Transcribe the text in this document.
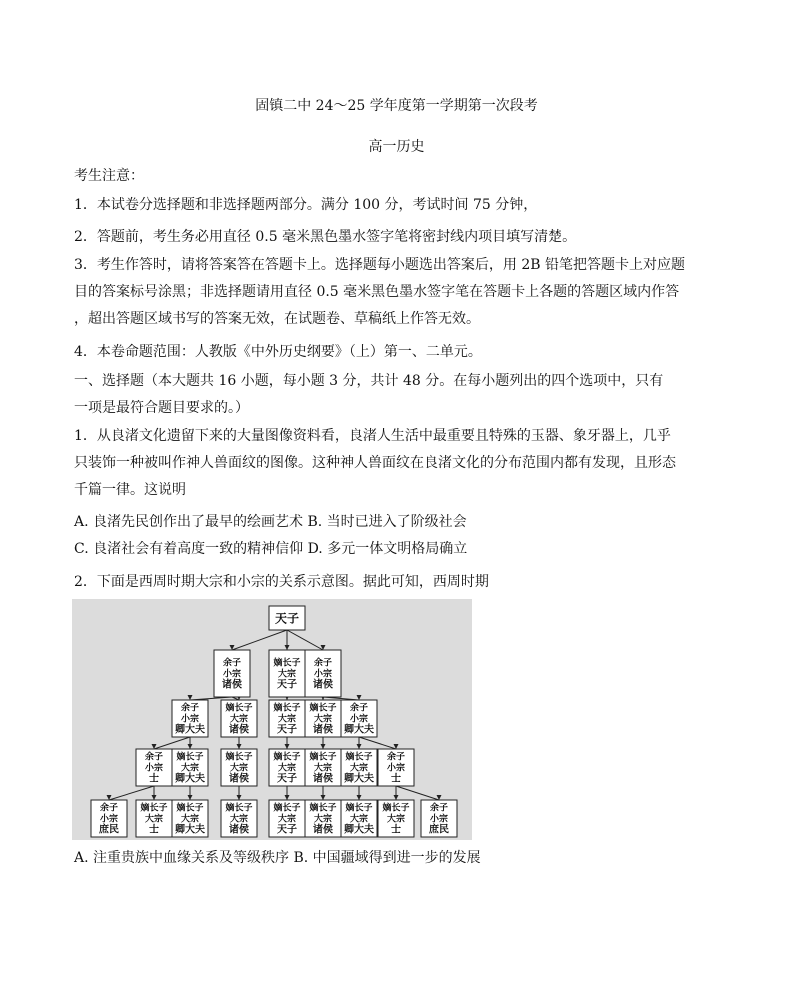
固镇二中 24～25 学年度第一学期第一次段考
高一历史
考生注意：
1．本试卷分选择题和非选择题两部分。满分 100 分，考试时间 75 分钟，
2．答题前，考生务必用直径 0.5 毫米黑色墨水签字笔将密封线内项目填写清楚。
3．考生作答时，请将答案答在答题卡上。选择题每小题选出答案后，用 2B 铅笔把答题卡上对应题
目的答案标号涂黑；非选择题请用直径 0.5 毫米黑色墨水签字笔在答题卡上各题的答题区域内作答
，超出答题区域书写的答案无效，在试题卷、草稿纸上作答无效。
4．本卷命题范围：人教版《中外历史纲要》（上）第一、二单元。
一、选择题（本大题共 16 小题，每小题 3 分，共计 48 分。在每小题列出的四个选项中，只有
一项是最符合题目要求的。）
1．从良渚文化遗留下来的大量图像资料看，良渚人生活中最重要且特殊的玉器、象牙器上，几乎
只装饰一种被叫作神人兽面纹的图像。这种神人兽面纹在良渚文化的分布范围内都有发现，且形态
千篇一律。这说明
A. 良渚先民创作出了最早的绘画艺术 B. 当时已进入了阶级社会
C. 良渚社会有着高度一致的精神信仰 D. 多元一体文明格局确立
2．下面是西周时期大宗和小宗的关系示意图。据此可知，西周时期
天子
余子
小宗
诸侯
嫡长子
大宗
天子
余子
小宗
诸侯
余子
小宗
卿大夫
嫡长子
大宗
诸侯
嫡长子
大宗
天子
嫡长子
大宗
诸侯
余子
小宗
卿大夫
余子
小宗
士
嫡长子
大宗
卿大夫
嫡长子
大宗
诸侯
嫡长子
大宗
天子
嫡长子
大宗
诸侯
嫡长子
大宗
卿大夫
余子
小宗
士
余子
小宗
庶民
嫡长子
大宗
士
嫡长子
大宗
卿大夫
嫡长子
大宗
诸侯
嫡长子
大宗
天子
嫡长子
大宗
诸侯
嫡长子
大宗
卿大夫
嫡长子
大宗
士
余子
小宗
庶民
A. 注重贵族中血缘关系及等级秩序 B. 中国疆域得到进一步的发展
